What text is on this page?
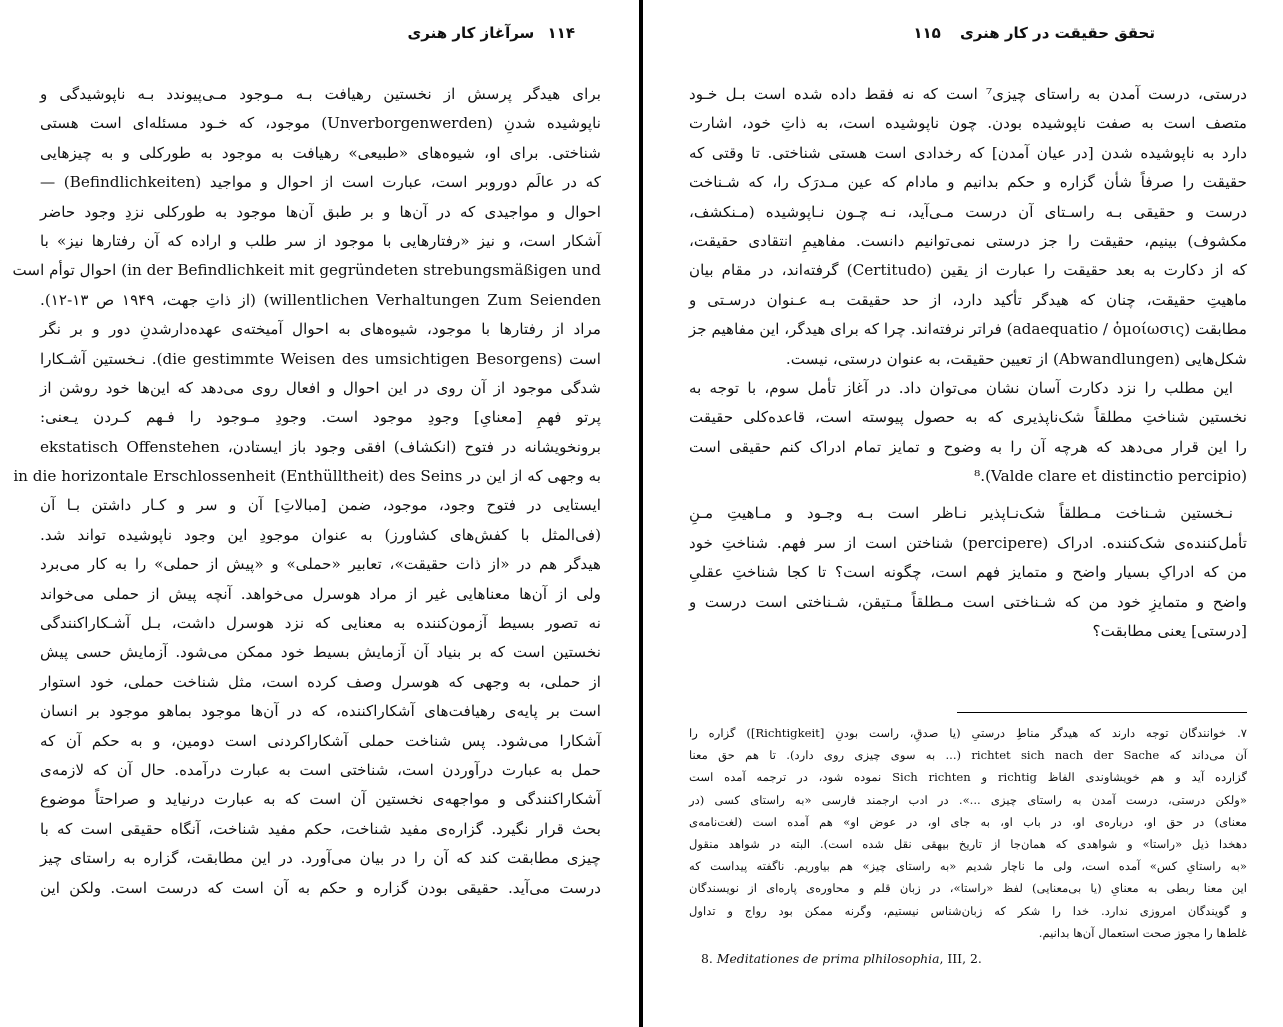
۱۱۴ سرآغاز کار هنری
برای هیدگر پرسش از نخستین رهیافت بـه مـوجود مـی‌پیوندد بـه ناپوشیدگی و
ناپوشیده شدنِ (Unverborgenwerden) موجود، که خـود مسئله‌ای است هستی
شناختی. برای او، شیوه‌های «طبیعی» رهیافت به موجود به طورکلی و به چیزهایی
که در عالَم دوروبر است، عبارت است از احوال و مواجید (Befindlichkeiten) —
احوال و مواجیدی که در آن‌ها و بر طبق آن‌ها موجود به طورکلی نزدِ وجود حاضر
آشکار است، و نیز «رفتارهایی با موجود از سر طلب و اراده که آن رفتارها نیز» با
in der Befindlichkeit mit gegründeten strebungsmäßigen und) احوال توأم است
willentlichen Verhaltungen Zum Seienden) (از ذاتِ جهت، ۱۹۴۹ ص ۱۳-۱۲).
مراد از رفتارها با موجود، شیوه‌های به احوال آمیخته‌ی عهده‌دارشدنِ دور و بر نگر
است (die gestimmte Weisen des umsichtigen Besorgens). نـخستین آشـکارا
شدگی موجود از آن روی در این احوال و افعال روی می‌دهد که این‌ها خود روشن از
پرتو فهمِ [معنایِ] وجودِ موجود است. وجودِ مـوجود را فـهم کـردن یـعنی:
برونخویشانه در فتوح (انکشاف) افقی وجود باز ایستادن، ekstatisch Offenstehen
به وجهی که از این در in die horizontale Erschlossenheit (Enthülltheit) des Seins
ایستایی در فتوح وجود، موجود، ضمن [مبالاتِ] آن و سر و کـار داشتن بـا آن
(فی‌المثل با کفش‌های کشاورز) به عنوان موجودِ این وجود ناپوشیده تواند شد.
هیدگر هم در «از ذات حقیقت»، تعابیر «حملی» و «پیش از حملی» را به کار می‌برد
ولی از آن‌ها معناهایی غیر از مراد هوسرل می‌خواهد. آنچه پیش از حملی می‌خواند
نه تصور بسیط آزمون‌کننده به معنایی که نزد هوسرل داشت، بـل آشـکاراکنندگی
نخستین است که بر بنیاد آن آزمایش بسیط خود ممکن می‌شود. آزمایش حسی پیش
از حملی، به وجهی که هوسرل وصف کرده است، مثل شناخت حملی، خود استوار
است بر پایه‌ی رهیافت‌های آشکاراکننده، که در آن‌ها موجود بماهو موجود بر انسان
آشکارا می‌شود. پس شناخت حملی آشکاراکردنی است دومین، و به حکم آن که
حمل به عبارت درآوردن است، شناختی است به عبارت درآمده. حال آن که لازمه‌ی
آشکاراکنندگی و مواجهه‌ی نخستین آن است که به عبارت درنیاید و صراحتاً موضوع
بحث قرار نگیرد. گزاره‌ی مفید شناخت، حکم مفید شناخت، آنگاه حقیقی است که با
چیزی مطابقت کند که آن را در بیان می‌آورد. در این مطابقت، گزاره به راستای چیز
درست می‌آید. حقیقی بودن گزاره و حکم به آن است که درست است. ولکن این
تحقق حقیقت در کار هنری ۱۱۵
درستی، درست آمدن به راستای چیزی⁷ است که نه فقط داده شده است بـل خـود
متصف است به صفت ناپوشیده بودن. چون ناپوشیده است، به ذاتِ خود، اشارت
دارد به ناپوشیده شدن [در عیان آمدن] که رخدادی است هستی شناختی. تا وقتی که
حقیقت را صرفاً شأن گزاره و حکم بدانیم و مادام که عین مـدرَک را، که شـناخت
درست و حقیقی بـه راسـتای آن درست مـی‌آید، نـه چـون نـاپوشیده (مـنکشف،
مکشوف) بینیم، حقیقت را جز درستی نمی‌توانیم دانست. مفاهیمِ انتقادی حقیقت،
که از دکارت به بعد حقیقت را عبارت از یقین (Certitudo) گرفته‌اند، در مقام بیان
ماهیتِ حقیقت، چنان که هیدگر تأکید دارد، از حد حقیقت بـه عـنوان درسـتی و
مطابقت (adaequatio / ὁμοίωσις) فراتر نرفته‌اند. چرا که برای هیدگر، این مفاهیم جز
شکل‌هایی (Abwandlungen) از تعیین حقیقت، به عنوان درستی، نیست.
این مطلب را نزد دکارت آسان نشان می‌توان داد. در آغاز تأمل سوم، با توجه به
نخستین شناختِ مطلقاً شک‌ناپذیری که به حصول پیوسته است، قاعده‌کلی حقیقت
را این قرار می‌دهد که هرچه آن را به وضوح و تمایز تمام ادراک کنم حقیقی است
(Valde clare et distinctio percipio).⁸
نـخستین شـناخت مـطلقاً شک‌نـاپذیر نـاظر است بـه وجـود و مـاهیتِ مـنِ
تأمل‌کننده‌ی شک‌کننده. ادراک (percipere) شناختن است از سر فهم. شناختِ خود
من که ادراکِ بسیار واضح و متمایز فهم است، چگونه است؟ تا کجا شناختِ عقلیِ
واضح و متمایزِ خود من که شـناختی است مـطلقاً مـتیقن، شـناختی است درست و
[درستی] یعنی مطابقت؟
۷. خوانندگان توجه دارند که هیدگر مناطِ درستیِ (یا صدقِ، راست بودنِ [Richtigkeit]) گزاره را
آن می‌داند که richtet sich nach der Sache (... به سوی چیزی روی دارد). تا هم حق معنا
گزارده آید و هم خویشاوندی الفاظ richtig و Sich richten نموده شود، در ترجمه آمده است
«ولکن درستی، درست آمدن به راستای چیزی ...». در ادب ارجمند فارسی «به راستای کسی (در
معنای) در حق او، درباره‌ی او، در باب او، به جای او، در عوض او» هم آمده است (لغت‌نامه‌ی
دهخدا ذیل «راستا» و شواهدی که همان‌جا از تاریخ بیهقی نقل شده است). البته در شواهد منقول
«به راستایِ کس» آمده است، ولی ما ناچار شدیم «به راستای چیز» هم بیاوریم. ناگفته پیداست که
این معنا ربطی به معنایِ (یا بی‌معنایی) لفظ «راستا»، در زبان قلم و محاوره‌ی پاره‌ای از نویسندگان
و گویندگان امروزی ندارد. خدا را شکر که زبان‌شناس نیستیم، وگرنه ممکن بود رواج و تداول
غلط‌ها را مجوز صحت استعمال آن‌ها بدانیم.
8. Meditationes de prima plhilosophia, III, 2.
